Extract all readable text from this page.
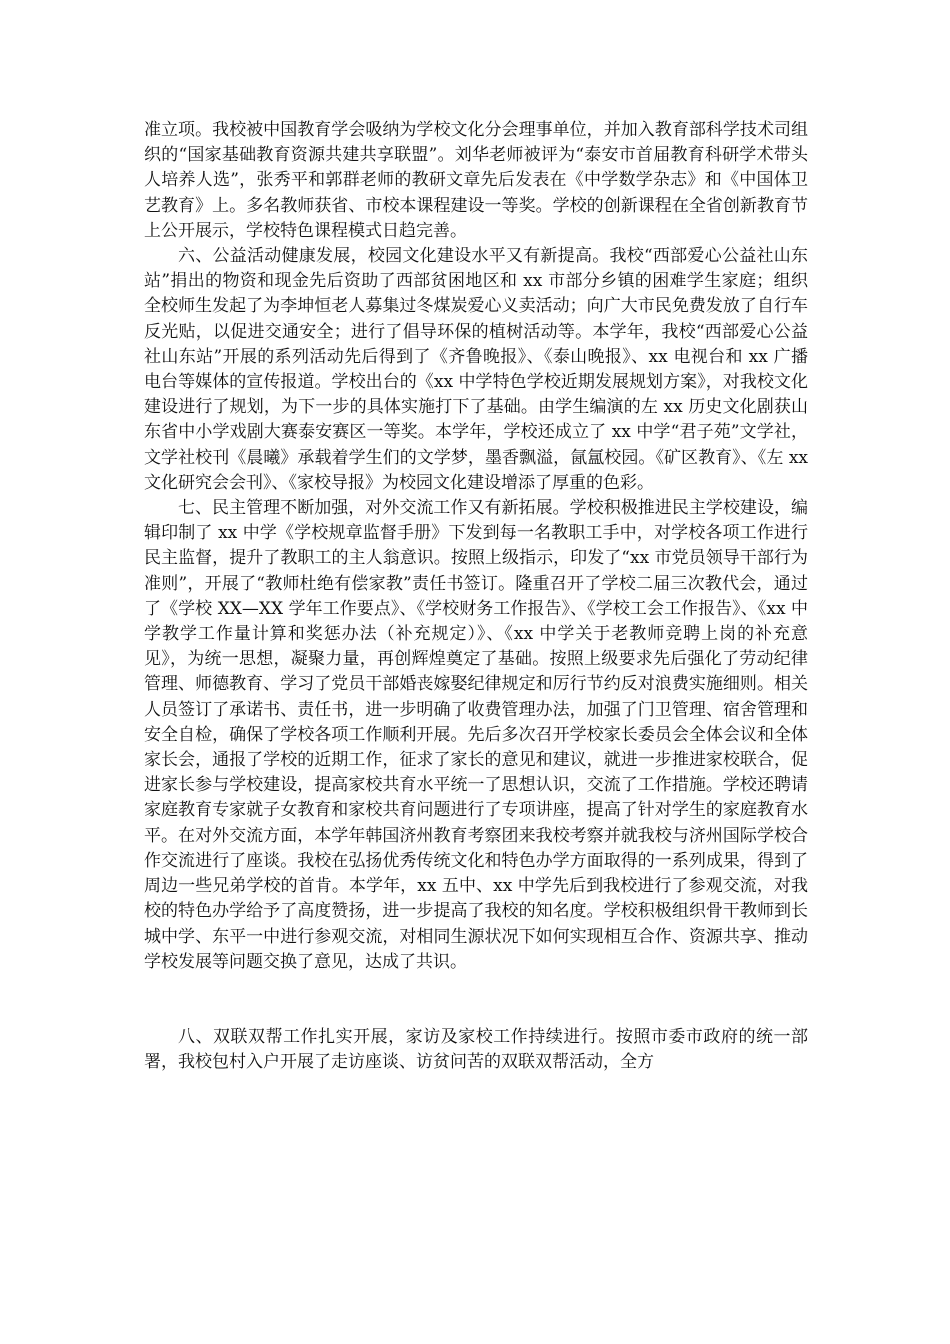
准立项。我校被中国教育学会吸纳为学校文化分会理事单位，并加入教育部科学技术司组织的“国家基础教育资源共建共享联盟”。刘华老师被评为“泰安市首届教育科研学术带头人培养人选”，张秀平和郭群老师的教研文章先后发表在《中学数学杂志》和《中国体卫艺教育》上。多名教师获省、市校本课程建设一等奖。学校的创新课程在全省创新教育节上公开展示，学校特色课程模式日趋完善。

六、公益活动健康发展，校园文化建设水平又有新提高。我校“西部爱心公益社山东站”捐出的物资和现金先后资助了西部贫困地区和 xx 市部分乡镇的困难学生家庭；组织全校师生发起了为李坤恒老人募集过冬煤炭爱心义卖活动；向广大市民免费发放了自行车反光贴，以促进交通安全；进行了倡导环保的植树活动等。本学年，我校“西部爱心公益社山东站”开展的系列活动先后得到了《齐鲁晚报》、《泰山晚报》、xx 电视台和 xx 广播电台等媒体的宣传报道。学校出台的《xx 中学特色学校近期发展规划方案》，对我校文化建设进行了规划，为下一步的具体实施打下了基础。由学生编演的左 xx 历史文化剧获山东省中小学戏剧大赛泰安赛区一等奖。本学年，学校还成立了 xx 中学“君子苑”文学社，文学社校刊《晨曦》承载着学生们的文学梦，墨香飘溢，氤氲校园。《矿区教育》、《左 xx 文化研究会会刊》、《家校导报》为校园文化建设增添了厚重的色彩。

七、民主管理不断加强，对外交流工作又有新拓展。学校积极推进民主学校建设，编辑印制了 xx 中学《学校规章监督手册》下发到每一名教职工手中，对学校各项工作进行民主监督，提升了教职工的主人翁意识。按照上级指示，印发了“xx 市党员领导干部行为准则”，开展了“教师杜绝有偿家教”责任书签订。隆重召开了学校二届三次教代会，通过了《学校 XX—XX 学年工作要点》、《学校财务工作报告》、《学校工会工作报告》、《xx 中学教学工作量计算和奖惩办法（补充规定）》、《xx 中学关于老教师竞聘上岗的补充意见》，为统一思想，凝聚力量，再创辉煌奠定了基础。按照上级要求先后强化了劳动纪律管理、师德教育、学习了党员干部婚丧嫁娶纪律规定和厉行节约反对浪费实施细则。相关人员签订了承诺书、责任书，进一步明确了收费管理办法，加强了门卫管理、宿舍管理和安全自检，确保了学校各项工作顺利开展。先后多次召开学校家长委员会全体会议和全体家长会，通报了学校的近期工作，征求了家长的意见和建议，就进一步推进家校联合，促进家长参与学校建设，提高家校共育水平统一了思想认识，交流了工作措施。学校还聘请家庭教育专家就子女教育和家校共育问题进行了专项讲座，提高了针对学生的家庭教育水平。在对外交流方面，本学年韩国济州教育考察团来我校考察并就我校与济州国际学校合作交流进行了座谈。我校在弘扬优秀传统文化和特色办学方面取得的一系列成果，得到了周边一些兄弟学校的首肯。本学年，xx 五中、xx 中学先后到我校进行了参观交流，对我校的特色办学给予了高度赞扬，进一步提高了我校的知名度。学校积极组织骨干教师到长城中学、东平一中进行参观交流，对相同生源状况下如何实现相互合作、资源共享、推动学校发展等问题交换了意见，达成了共识。

八、双联双帮工作扎实开展，家访及家校工作持续进行。按照市委市政府的统一部署，我校包村入户开展了走访座谈、访贫问苦的双联双帮活动，全方
